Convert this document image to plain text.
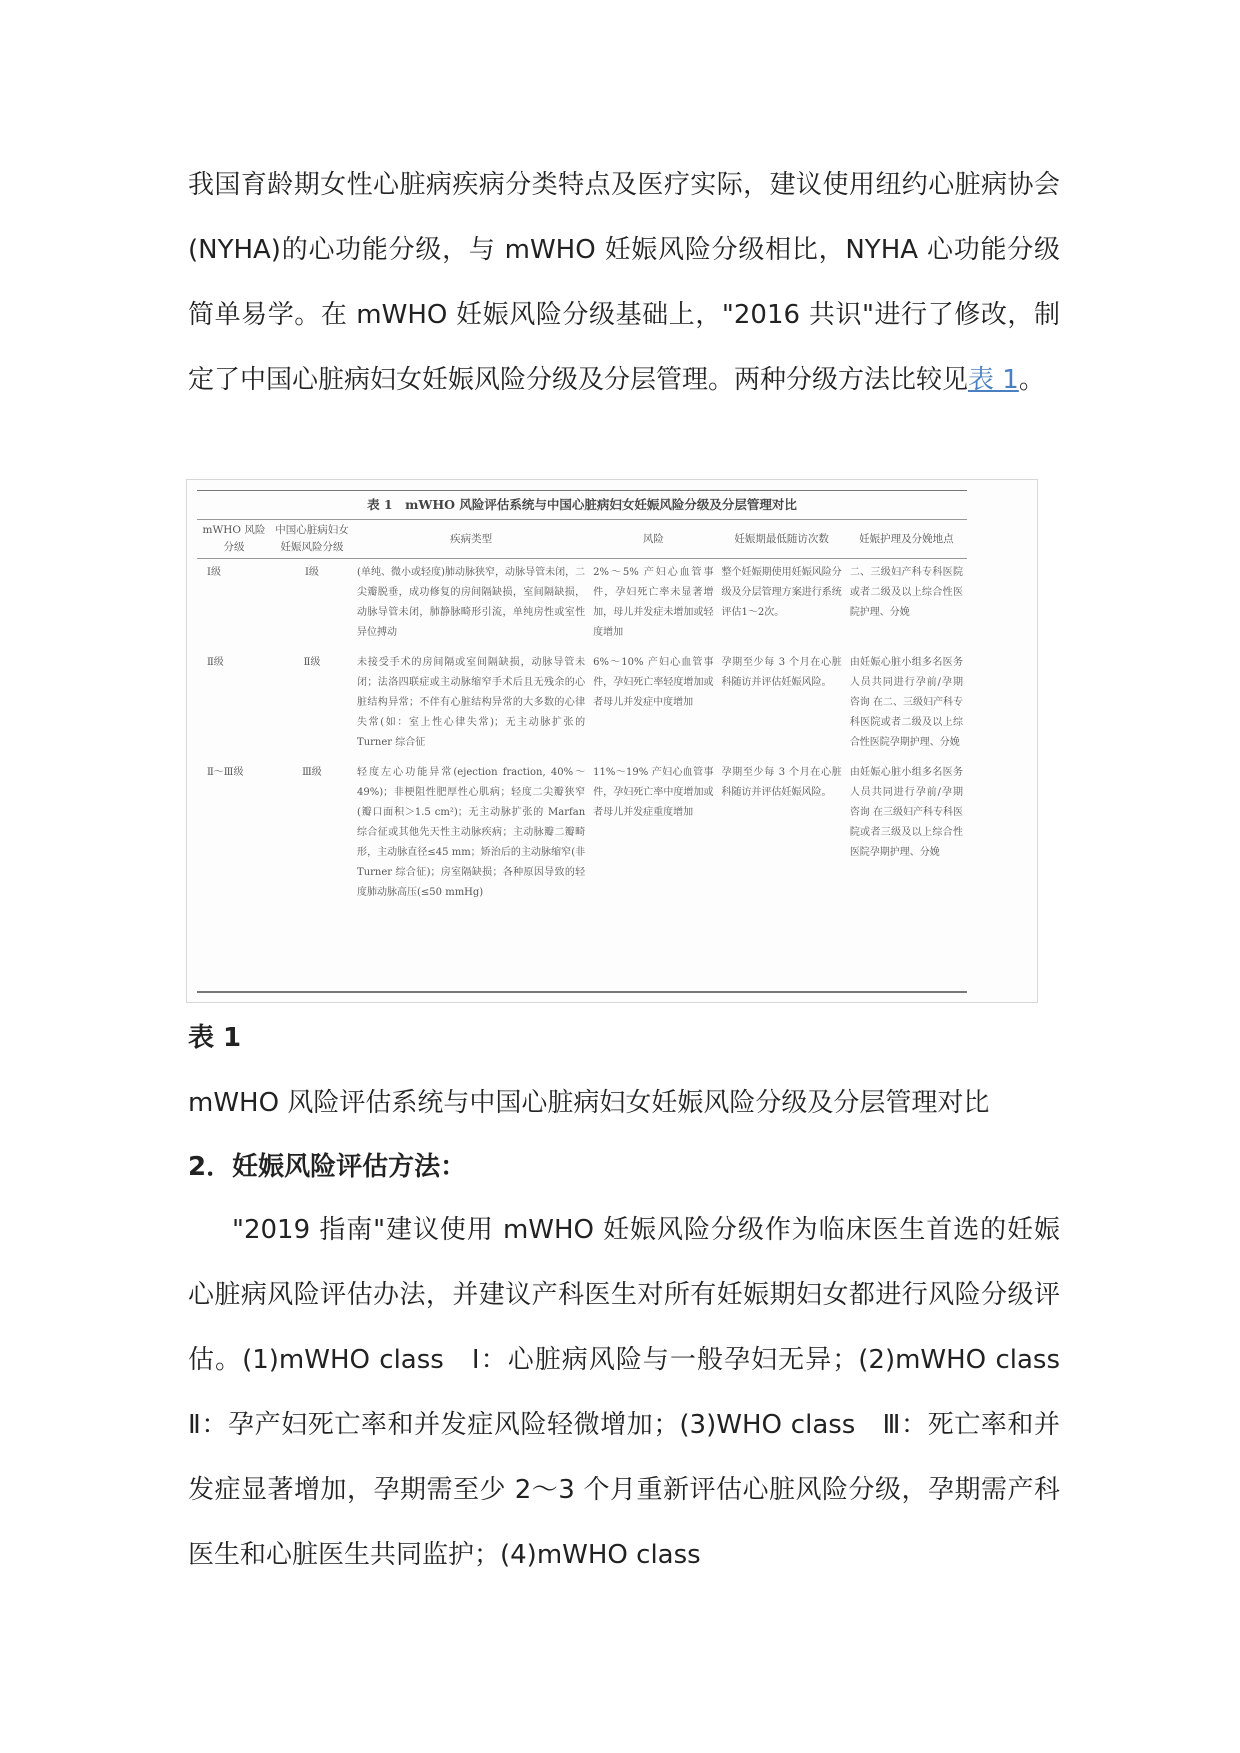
我国育龄期女性心脏病疾病分类特点及医疗实际，建议使用纽约心脏病协会(NYHA)的心功能分级，与 mWHO 妊娠风险分级相比，NYHA 心功能分级简单易学。在 mWHO 妊娠风险分级基础上，"2016 共识"进行了修改，制定了中国心脏病妇女妊娠风险分级及分层管理。两种分级方法比较见表 1。

表 1　mWHO 风险评估系统与中国心脏病妇女妊娠风险分级及分层管理对比
mWHO 风险分级	中国心脏病妇女妊娠风险分级	疾病类型	风险	妊娠期最低随访次数	妊娠护理及分娩地点
Ⅰ级	Ⅰ级	(单纯、微小或轻度)肺动脉狭窄，动脉导管未闭，二尖瓣脱垂，成功修复的房间隔缺损，室间隔缺损，动脉导管未闭，肺静脉畸形引流，单纯房性或室性异位搏动	2%～5% 产妇心血管事件，孕妇死亡率未显著增加，母儿并发症未增加或轻度增加	整个妊娠期使用妊娠风险分级及分层管理方案进行系统评估1～2次。	二、三级妇产科专科医院或者二级及以上综合性医院护理、分娩
Ⅱ级	Ⅱ级	未接受手术的房间隔或室间隔缺损，动脉导管未闭；法洛四联症或主动脉缩窄手术后且无残余的心脏结构异常；不伴有心脏结构异常的大多数的心律失常(如：室上性心律失常)；无主动脉扩张的 Turner 综合征	6%～10% 产妇心血管事件，孕妇死亡率轻度增加或者母儿并发症中度增加	孕期至少每 3 个月在心脏科随访并评估妊娠风险。	由妊娠心脏小组多名医务人员共同进行孕前/孕期咨询 在二、三级妇产科专科医院或者二级及以上综合性医院孕期护理、分娩
Ⅱ～Ⅲ级	Ⅲ级	轻度左心功能异常(ejection fraction, 40%～49%)；非梗阻性肥厚性心肌病；轻度二尖瓣狭窄(瓣口面积＞1.5 cm²)；无主动脉扩张的 Marfan 综合征或其他先天性主动脉疾病；主动脉瓣二瓣畸形，主动脉直径≤45 mm；矫治后的主动脉缩窄(非 Turner 综合征)；房室隔缺损；各种原因导致的轻度肺动脉高压(≤50 mmHg)	11%～19% 产妇心血管事件，孕妇死亡率中度增加或者母儿并发症重度增加	孕期至少每 3 个月在心脏科随访并评估妊娠风险。	由妊娠心脏小组多名医务人员共同进行孕前/孕期咨询 在三级妇产科专科医院或者三级及以上综合性医院孕期护理、分娩
表 1
mWHO 风险评估系统与中国心脏病妇女妊娠风险分级及分层管理对比
2．妊娠风险评估方法：

"2019 指南"建议使用 mWHO 妊娠风险分级作为临床医生首选的妊娠心脏病风险评估办法，并建议产科医生对所有妊娠期妇女都进行风险分级评估。(1)mWHO class　Ⅰ：心脏病风险与一般孕妇无异；(2)mWHO class　Ⅱ：孕产妇死亡率和并发症风险轻微增加；(3)WHO class　Ⅲ：死亡率和并发症显著增加，孕期需至少 2～3 个月重新评估心脏风险分级，孕期需产科医生和心脏医生共同监护；(4)mWHO class
